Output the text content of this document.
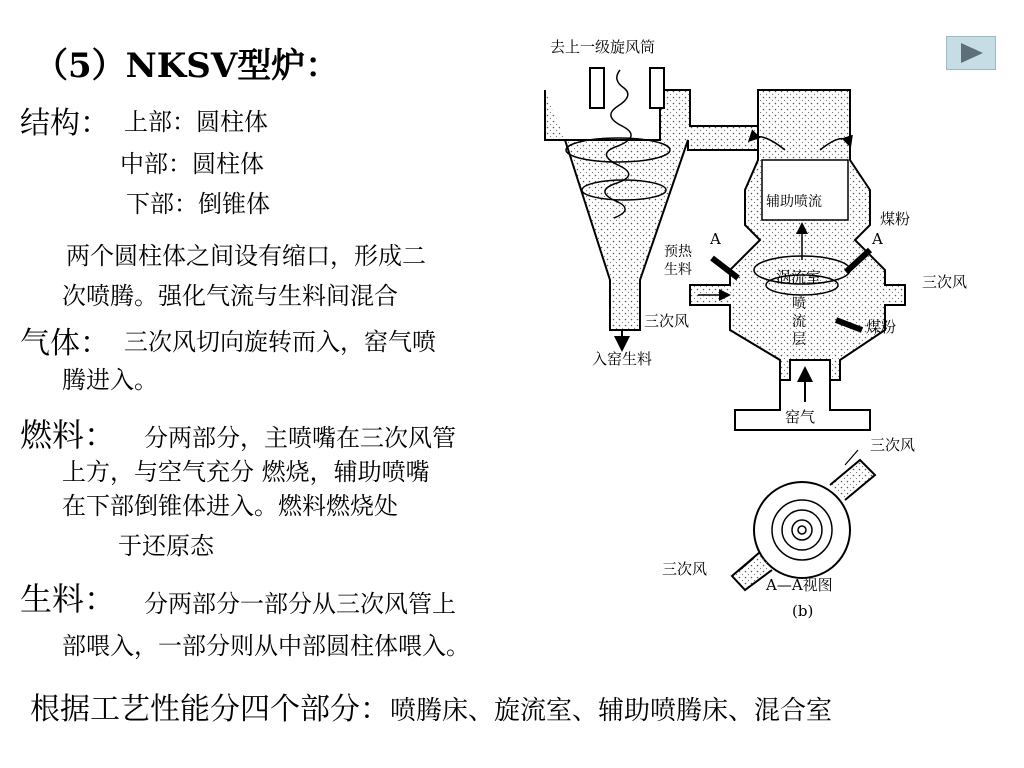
（5）NKSV型炉：
结构： 上部：圆柱体
中部：圆柱体
下部：倒锥体
两个圆柱体之间设有缩口，形成二
次喷腾。强化气流与生料间混合
气体： 三次风切向旋转而入，窑气喷
腾进入。
燃料： 分两部分，主喷嘴在三次风管
上方，与空气充分 燃烧，辅助喷嘴
在下部倒锥体进入。燃料燃烧处
于还原态
生料： 分两部分一部分从三次风管上
部喂入，一部分则从中部圆柱体喂入。
根据工艺性能分四个部分：喷腾床、旋流室、辅助喷腾床、混合室
去上一级旋风筒
辅助喷流
煤粉
A	A
预热
生料	涡流室	三次风
三次风
喷
流
层
煤粉
入窑生料
窑气
三次风
三次风
A—A视图
(b)
